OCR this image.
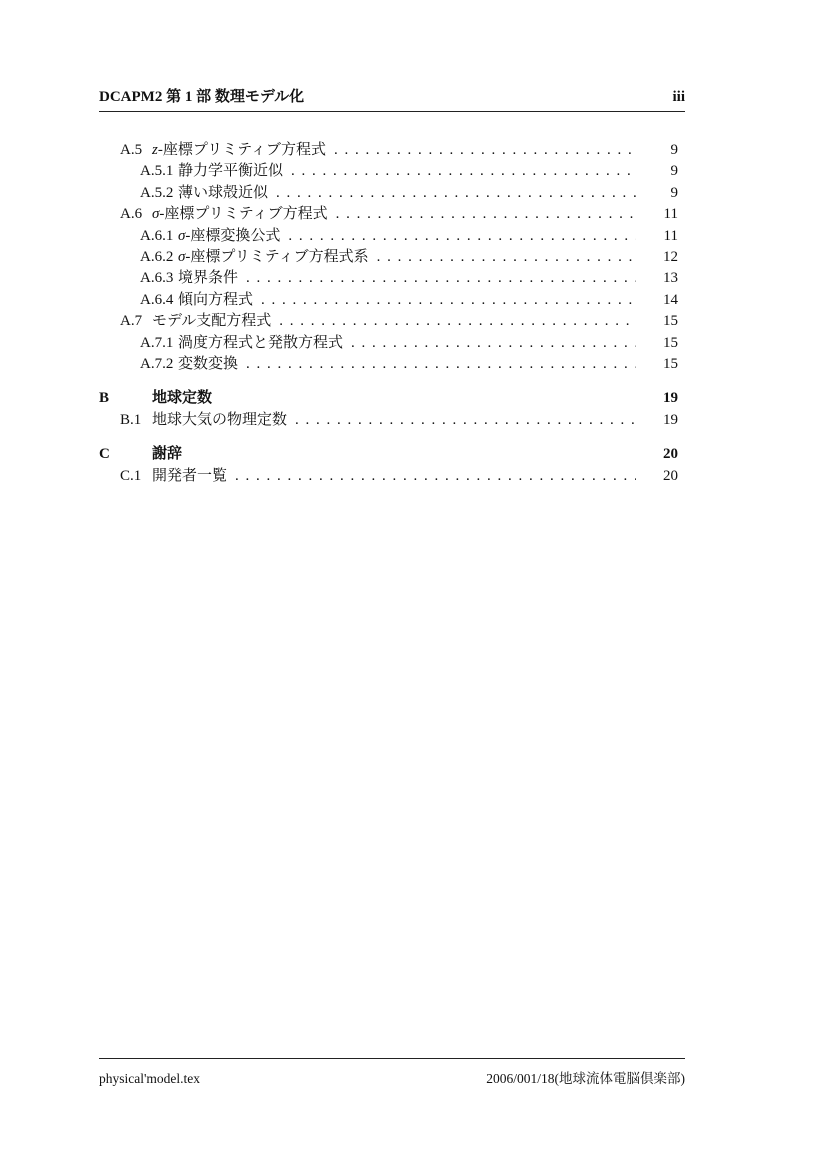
DCAPM2 第 1 部 数理モデル化	iii
A.5 z-座標プリミティブ方程式 . . .	9
A.5.1 静力学平衡近似 . . .	9
A.5.2 薄い球殻近似 . . .	9
A.6 σ-座標プリミティブ方程式 . . .	11
A.6.1 σ-座標変換公式 . . .	11
A.6.2 σ-座標プリミティブ方程式系 . . .	12
A.6.3 境界条件 . . .	13
A.6.4 傾向方程式 . . .	14
A.7 モデル支配方程式 . . .	15
A.7.1 渦度方程式と発散方程式 . . .	15
A.7.2 変数変換 . . .	15
B	地球定数	19
B.1 地球大気の物理定数 . . .	19
C	謝辞	20
C.1 開発者一覧 . . .	20
physical'model.tex	2006/001/18(地球流体電脳倶楽部)
